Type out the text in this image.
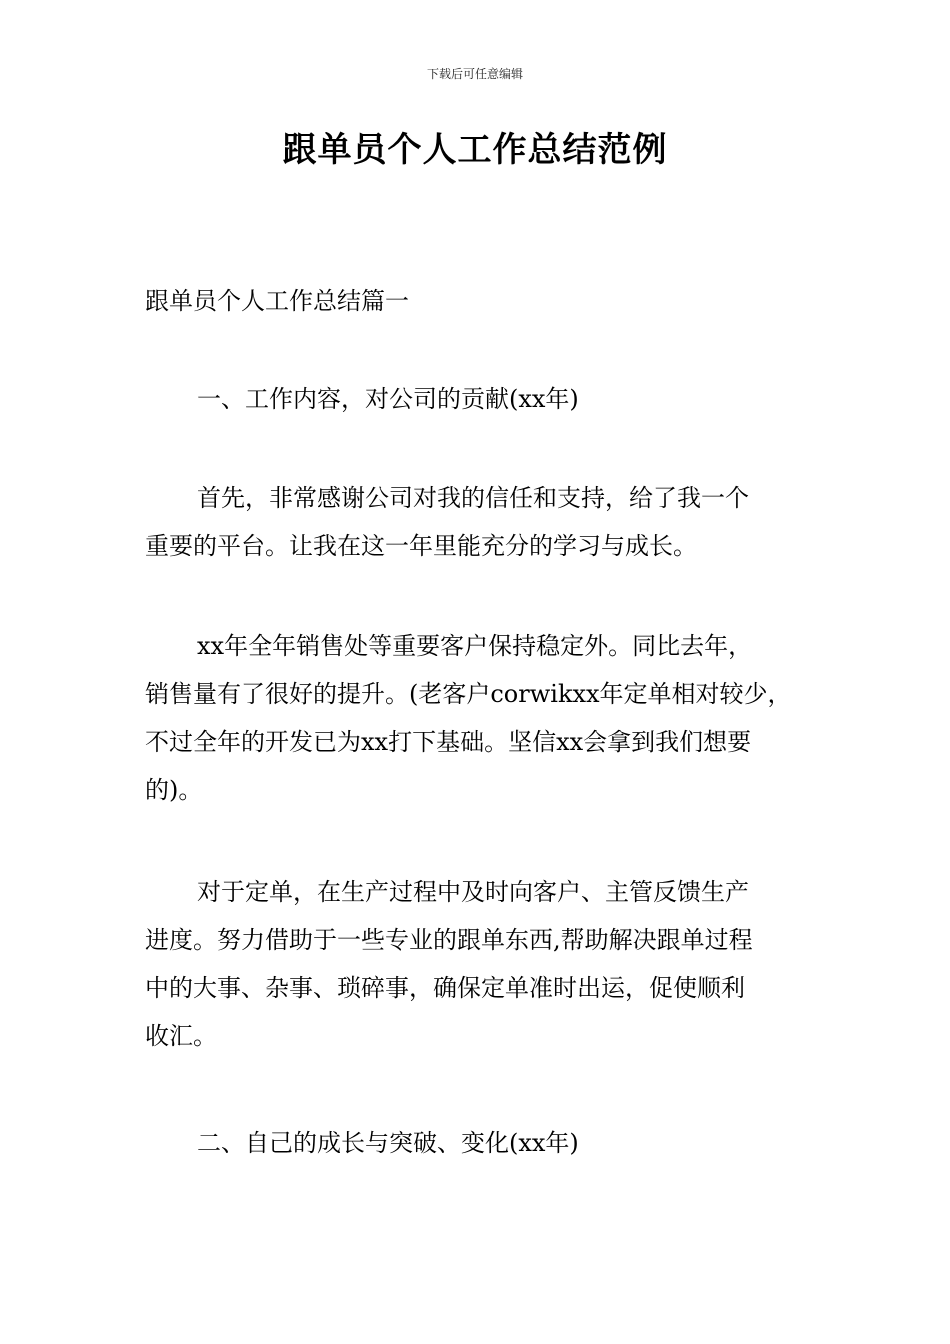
下载后可任意编辑
跟单员个人工作总结范例

跟单员个人工作总结篇一

一、工作内容，对公司的贡献(xx年)

首先，非常感谢公司对我的信任和支持，给了我一个
重要的平台。让我在这一年里能充分的学习与成长。

xx年全年销售处等重要客户保持稳定外。同比去年，
销售量有了很好的提升。(老客户corwikxx年定单相对较少，
不过全年的开发已为xx打下基础。坚信xx会拿到我们想要
的)。

对于定单，在生产过程中及时向客户、主管反馈生产
进度。努力借助于一些专业的跟单东西,帮助解决跟单过程
中的大事、杂事、琐碎事，确保定单准时出运，促使顺利
收汇。

二、自己的成长与突破、变化(xx年)
